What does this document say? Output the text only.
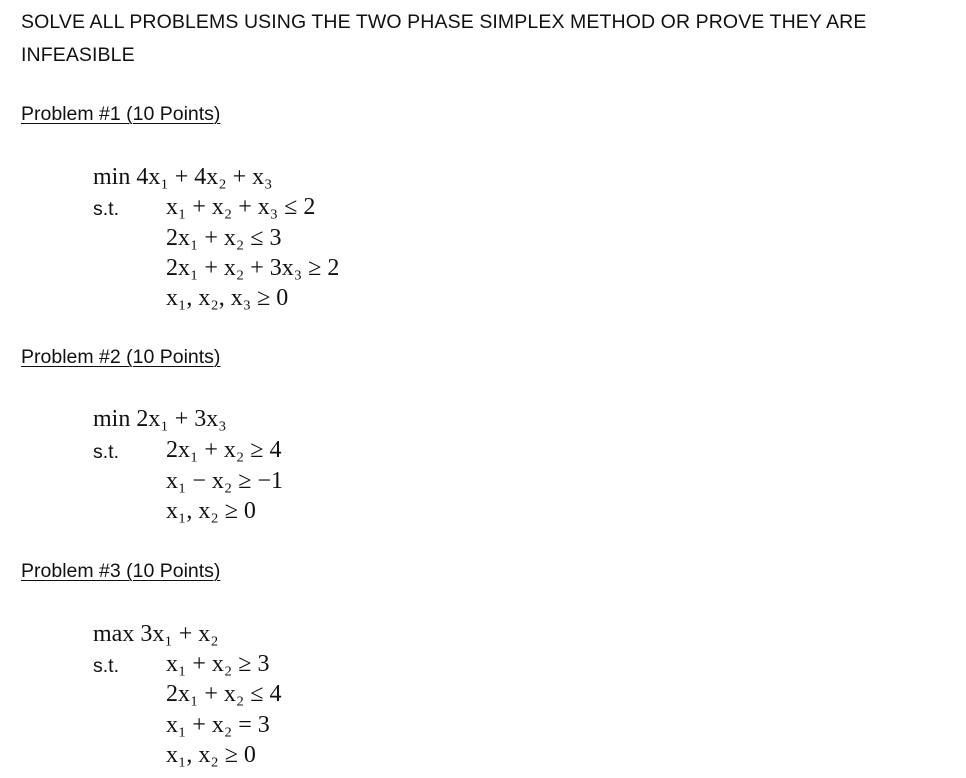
SOLVE ALL PROBLEMS USING THE TWO PHASE SIMPLEX METHOD OR PROVE THEY ARE
INFEASIBLE
Problem #1 (10 Points)
min 4x₁ + 4x₂ + x₃
s.t. x₁ + x₂ + x₃ ≤ 2
2x₁ + x₂ ≤ 3
2x₁ + x₂ + 3x₃ ≥ 2
x₁, x₂, x₃ ≥ 0
Problem #2 (10 Points)
min 2x₁ + 3x₃
s.t. 2x₁ + x₂ ≥ 4
x₁ − x₂ ≥ −1
x₁, x₂ ≥ 0
Problem #3 (10 Points)
max 3x₁ + x₂
s.t. x₁ + x₂ ≥ 3
2x₁ + x₂ ≤ 4
x₁ + x₂ = 3
x₁, x₂ ≥ 0
